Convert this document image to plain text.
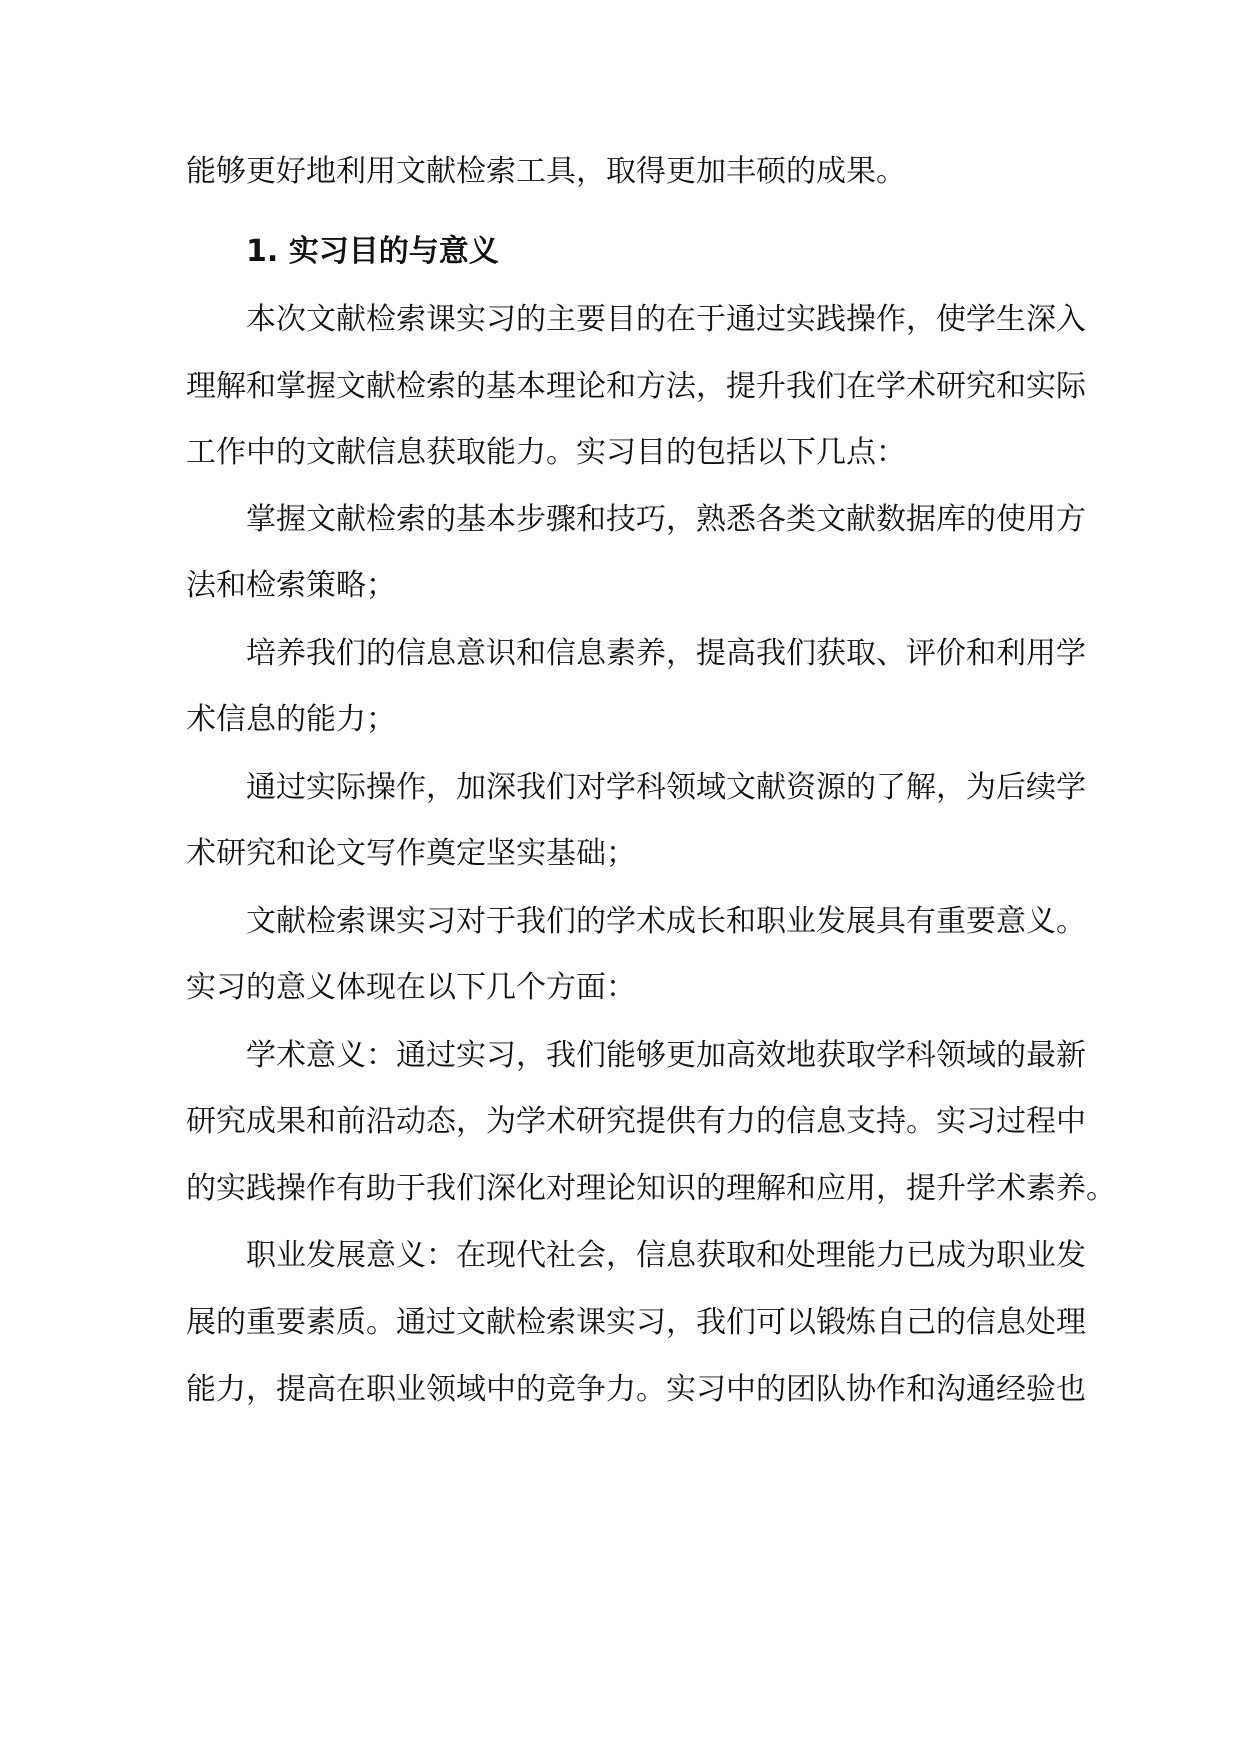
能够更好地利用文献检索工具，取得更加丰硕的成果。
1. 实习目的与意义
本次文献检索课实习的主要目的在于通过实践操作，使学生深入
理解和掌握文献检索的基本理论和方法，提升我们在学术研究和实际
工作中的文献信息获取能力。实习目的包括以下几点：
掌握文献检索的基本步骤和技巧，熟悉各类文献数据库的使用方
法和检索策略；
培养我们的信息意识和信息素养，提高我们获取、评价和利用学
术信息的能力；
通过实际操作，加深我们对学科领域文献资源的了解，为后续学
术研究和论文写作奠定坚实基础；
文献检索课实习对于我们的学术成长和职业发展具有重要意义。
实习的意义体现在以下几个方面：
学术意义：通过实习，我们能够更加高效地获取学科领域的最新
研究成果和前沿动态，为学术研究提供有力的信息支持。实习过程中
的实践操作有助于我们深化对理论知识的理解和应用，提升学术素养。
职业发展意义：在现代社会，信息获取和处理能力已成为职业发
展的重要素质。通过文献检索课实习，我们可以锻炼自己的信息处理
能力，提高在职业领域中的竞争力。实习中的团队协作和沟通经验也
